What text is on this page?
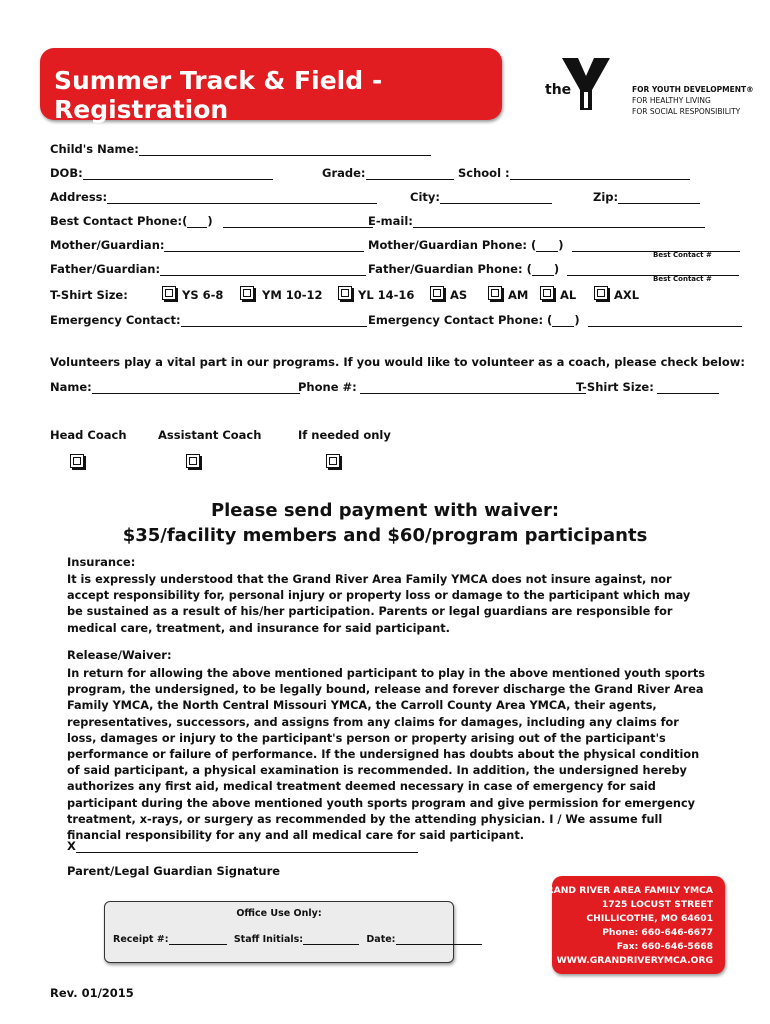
Summer Track & Field -Registration
the	FOR YOUTH DEVELOPMENT®
FOR HEALTHY LIVING
FOR SOCIAL RESPONSIBILITY
Child's Name:
DOB:	Grade:	School :
Address:	City:	Zip:
Best Contact Phone:( )	E-mail:
Mother/Guardian:	Mother/Guardian Phone: ( )
Best Contact #
Father/Guardian:	Father/Guardian Phone: ( )
Best Contact #
T-Shirt Size:	YS 6-8	YM 10-12	YL 14-16	AS	AM	AL	AXL
Emergency Contact:	Emergency Contact Phone: ( )
Volunteers play a vital part in our programs. If you would like to volunteer as a coach, please check below:
Name:	Phone #:	T-Shirt Size:
Head Coach	Assistant Coach	If needed only
Please send payment with waiver:
$35/facility members and $60/program participants
Insurance:
It is expressly understood that the Grand River Area Family YMCA does not insure against, nor accept responsibility for, personal injury or property loss or damage to the participant which may be sustained as a result of his/her participation. Parents or legal guardians are responsible for medical care, treatment, and insurance for said participant.
Release/Waiver:
In return for allowing the above mentioned participant to play in the above mentioned youth sports program, the undersigned, to be legally bound, release and forever discharge the Grand River Area Family YMCA, the North Central Missouri YMCA, the Carroll County Area YMCA, their agents, representatives, successors, and assigns from any claims for damages, including any claims for loss, damages or injury to the participant's person or property arising out of the participant's performance or failure of performance. If the undersigned has doubts about the physical condition of said participant, a physical examination is recommended. In addition, the undersigned hereby authorizes any first aid, medical treatment deemed necessary in case of emergency for said participant during the above mentioned youth sports program and give permission for emergency treatment, x-rays, or surgery as recommended by the attending physician. I / We assume full financial responsibility for any and all medical care for said participant.
X
Parent/Legal Guardian Signature
Office Use Only:
Receipt #:	Staff Initials:	Date:
GRAND RIVER AREA FAMILY YMCA
1725 LOCUST STREET
CHILLICOTHE, MO 64601
Phone: 660-646-6677
Fax: 660-646-5668
WWW.GRANDRIVERYMCA.ORG
Rev. 01/2015
